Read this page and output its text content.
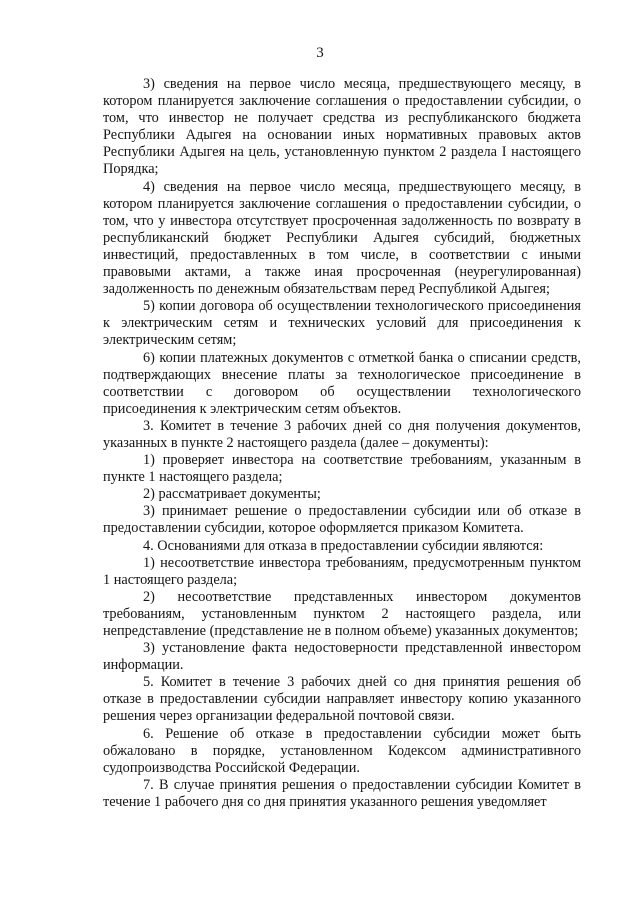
3

3) сведения на первое число месяца, предшествующего месяцу, в котором планируется заключение соглашения о предоставлении субсидии, о том, что инвестор не получает средства из республиканского бюджета Республики Адыгея на основании иных нормативных правовых актов Республики Адыгея на цель, установленную пунктом 2 раздела I настоящего Порядка;

4) сведения на первое число месяца, предшествующего месяцу, в котором планируется заключение соглашения о предоставлении субсидии, о том, что у инвестора отсутствует просроченная задолженность по возврату в республиканский бюджет Республики Адыгея субсидий, бюджетных инвестиций, предоставленных в том числе, в соответствии с иными правовыми актами, а также иная просроченная (неурегулированная) задолженность по денежным обязательствам перед Республикой Адыгея;

5) копии договора об осуществлении технологического присоединения к электрическим сетям и технических условий для присоединения к электрическим сетям;

6) копии платежных документов с отметкой банка о списании средств, подтверждающих внесение платы за технологическое присоединение в соответствии с договором об осуществлении технологического присоединения к электрическим сетям объектов.

3. Комитет в течение 3 рабочих дней со дня получения документов, указанных в пункте 2 настоящего раздела (далее – документы):

1) проверяет инвестора на соответствие требованиям, указанным в пункте 1 настоящего раздела;

2) рассматривает документы;

3) принимает решение о предоставлении субсидии или об отказе в предоставлении субсидии, которое оформляется приказом Комитета.

4. Основаниями для отказа в предоставлении субсидии являются:

1) несоответствие инвестора требованиям, предусмотренным пунктом 1 настоящего раздела;

2) несоответствие представленных инвестором документов требованиям, установленным пунктом 2 настоящего раздела, или непредставление (представление не в полном объеме) указанных документов;

3) установление факта недостоверности представленной инвестором информации.

5. Комитет в течение 3 рабочих дней со дня принятия решения об отказе в предоставлении субсидии направляет инвестору копию указанного решения через организации федеральной почтовой связи.

6. Решение об отказе в предоставлении субсидии может быть обжаловано в порядке, установленном Кодексом административного судопроизводства Российской Федерации.

7. В случае принятия решения о предоставлении субсидии Комитет в течение 1 рабочего дня со дня принятия указанного решения уведомляет
